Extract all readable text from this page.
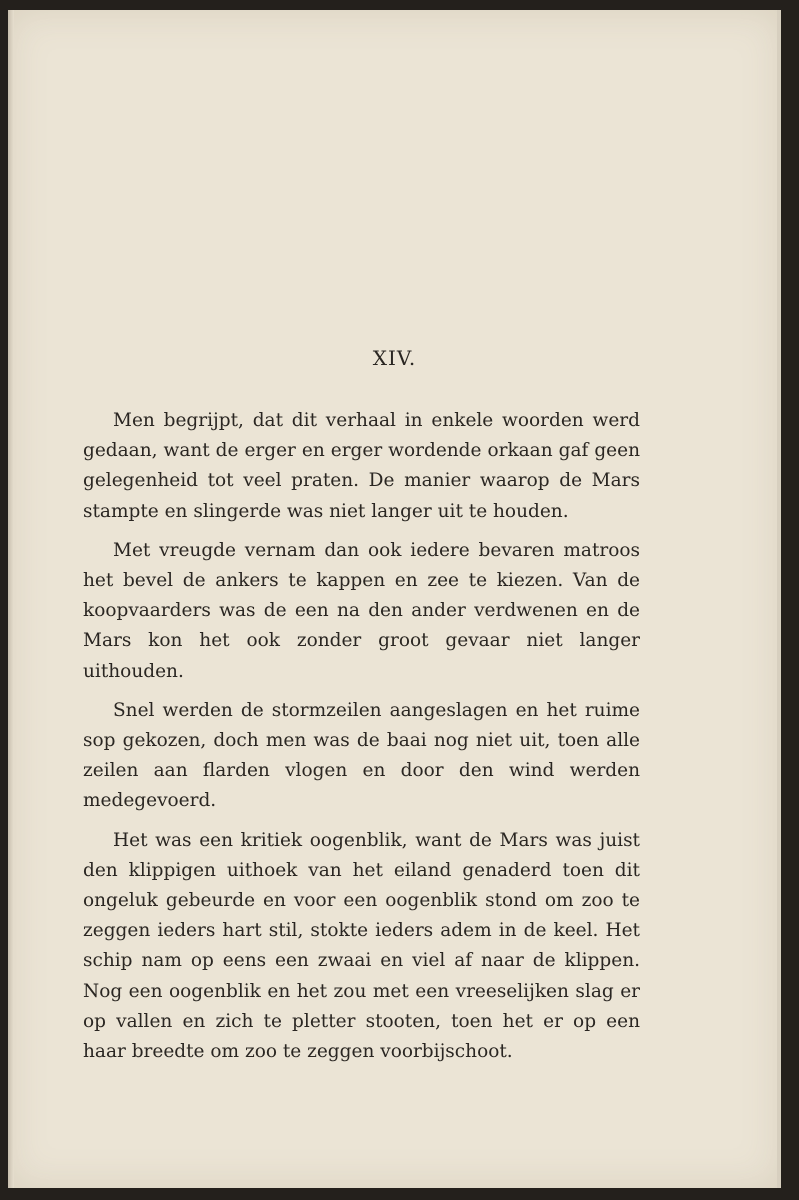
XIV.

Men begrijpt, dat dit verhaal in enkele woorden werd gedaan, want de erger en erger wordende orkaan gaf geen gelegenheid tot veel praten. De manier waarop de Mars stampte en slingerde was niet langer uit te houden.

Met vreugde vernam dan ook iedere bevaren matroos het bevel de ankers te kappen en zee te kiezen. Van de koopvaarders was de een na den ander verdwenen en de Mars kon het ook zonder groot gevaar niet langer uithouden.

Snel werden de stormzeilen aangeslagen en het ruime sop gekozen, doch men was de baai nog niet uit, toen alle zeilen aan flarden vlogen en door den wind werden medegevoerd.

Het was een kritiek oogenblik, want de Mars was juist den klippigen uithoek van het eiland genaderd toen dit ongeluk gebeurde en voor een oogenblik stond om zoo te zeggen ieders hart stil, stokte ieders adem in de keel. Het schip nam op eens een zwaai en viel af naar de klippen. Nog een oogenblik en het zou met een vreeselijken slag er op vallen en zich te pletter stooten, toen het er op een haar breedte om zoo te zeggen voorbijschoot.
